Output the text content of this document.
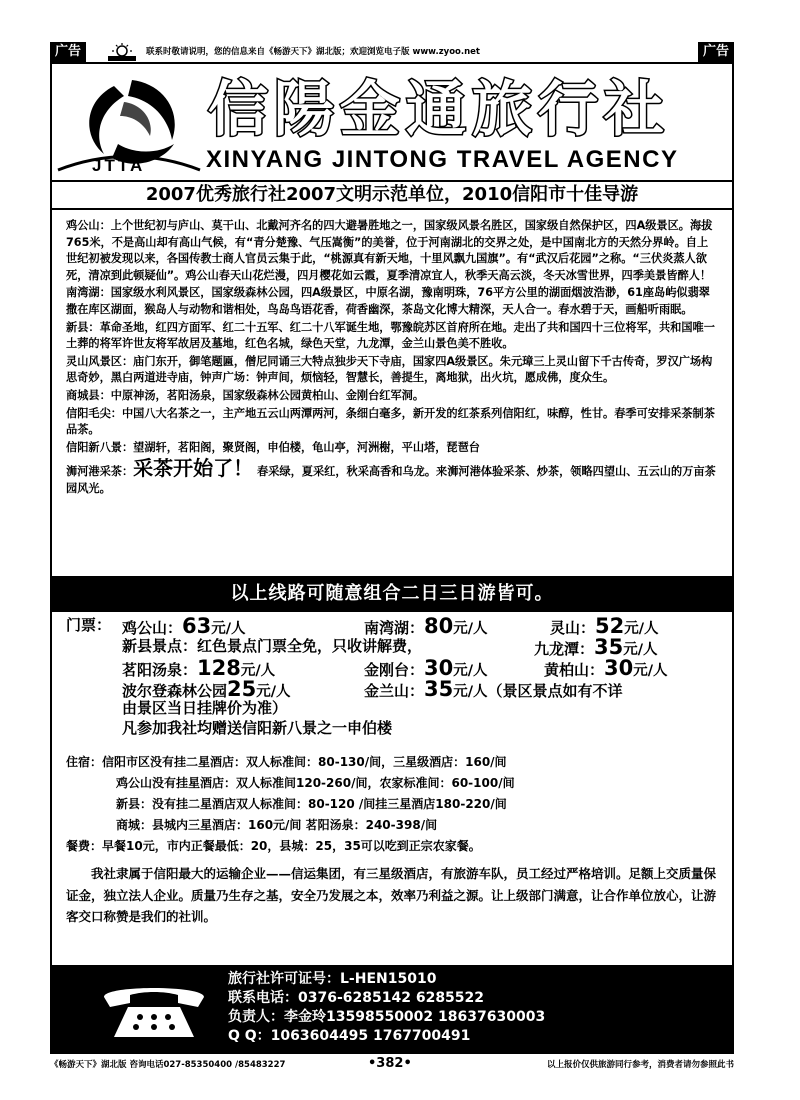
广告	联系时敬请说明，您的信息来自《畅游天下》湖北版；欢迎浏览电子版 www.zyoo.net	广告
JTTA
信陽金通旅行社
XINYANG JINTONG TRAVEL AGENCY
2007优秀旅行社2007文明示范单位，2010信阳市十佳导游
鸡公山：上个世纪初与庐山、莫干山、北戴河齐名的四大避暑胜地之一，国家级风景名胜区，国家级自然保护区，四A级景区。海拔765米，不是高山却有高山气候，有“青分楚豫、气压嵩衡”的美誉，位于河南湖北的交界之处，是中国南北方的天然分界岭。自上世纪初被发现以来，各国传教士商人官员云集于此，“桃源真有新天地，十里风飘九国旗”。有“武汉后花园”之称。“三伏炎蒸人欲死，清凉到此顿疑仙”。鸡公山春天山花烂漫，四月樱花如云霞，夏季清凉宜人，秋季天高云淡，冬天冰雪世界，四季美景皆醉人！
南湾湖：国家级水利风景区，国家级森林公园，四A级景区，中原名湖，豫南明珠，76平方公里的湖面烟波浩渺，61座岛屿似翡翠撒在库区湖面，猴岛人与动物和谐相处，鸟岛鸟语花香，荷香幽深，茶岛文化博大精深，天人合一。春水碧于天，画船听雨眠。
新县：革命圣地，红四方面军、红二十五军、红二十八军诞生地，鄂豫皖苏区首府所在地。走出了共和国四十三位将军，共和国唯一土葬的将军许世友将军故居及墓地，红色名城，绿色天堂，九龙潭，金兰山景色美不胜收。
灵山风景区：庙门东开，御笔题匾，僧尼同诵三大特点独步天下寺庙，国家四A级景区。朱元璋三上灵山留下千古传奇，罗汉广场构思奇妙，黑白两道进寺庙，钟声广场：钟声间，烦恼轻，智慧长，善提生，离地狱，出火坑，愿成佛，度众生。
商城县：中原神汤，茗阳汤泉，国家级森林公园黄柏山、金刚台红军洞。
信阳毛尖：中国八大名茶之一，主产地五云山两潭两河，条细白毫多，新开发的红茶系列信阳红，味醇，性甘。春季可安排采茶制茶品茶。
信阳新八景：望湖轩，茗阳阁，聚贤阁，申伯楼，龟山亭，河洲榭，平山塔，琵琶台
浉河港采茶：采茶开始了！ 春采绿，夏采红，秋采高香和乌龙。来浉河港体验采茶、炒茶，领略四望山、五云山的万亩茶园风光。
以上线路可随意组合二日三日游皆可。
门票： 鸡公山：63元/人	南湾湖：80元/人	灵山：52元/人
新县景点：红色景点门票全免，只收讲解费，	九龙潭：35元/人
茗阳汤泉：128元/人	金刚台：30元/人	黄柏山：30元/人
波尔登森林公园25元/人	金兰山：35元/人（景区景点如有不详
由景区当日挂牌价为准）
凡参加我社均赠送信阳新八景之一申伯楼
住宿：信阳市区没有挂二星酒店：双人标准间：80-130/间，三星级酒店：160/间
鸡公山没有挂星酒店：双人标准间120-260/间，农家标准间：60-100/间
新县：没有挂二星酒店双人标准间：80-120 /间挂三星酒店180-220/间
商城：县城内三星酒店：160元/间 茗阳汤泉：240-398/间
餐费：早餐10元，市内正餐最低：20，县城：25，35可以吃到正宗农家餐。
我社隶属于信阳最大的运输企业——信运集团，有三星级酒店，有旅游车队，员工经过严格培训。足额上交质量保证金，独立法人企业。质量乃生存之基，安全乃发展之本，效率乃利益之源。让上级部门满意，让合作单位放心，让游客交口称赞是我们的社训。
旅行社许可证号：L-HEN15010
联系电话：0376-6285142 6285522
负责人：李金玲13598550002 18637630003
Q Q：1063604495 1767700491
《畅游天下》湖北版 咨询电话027-85350400 /85483227	•382•	以上报价仅供旅游同行参考，消费者请勿参照此书
